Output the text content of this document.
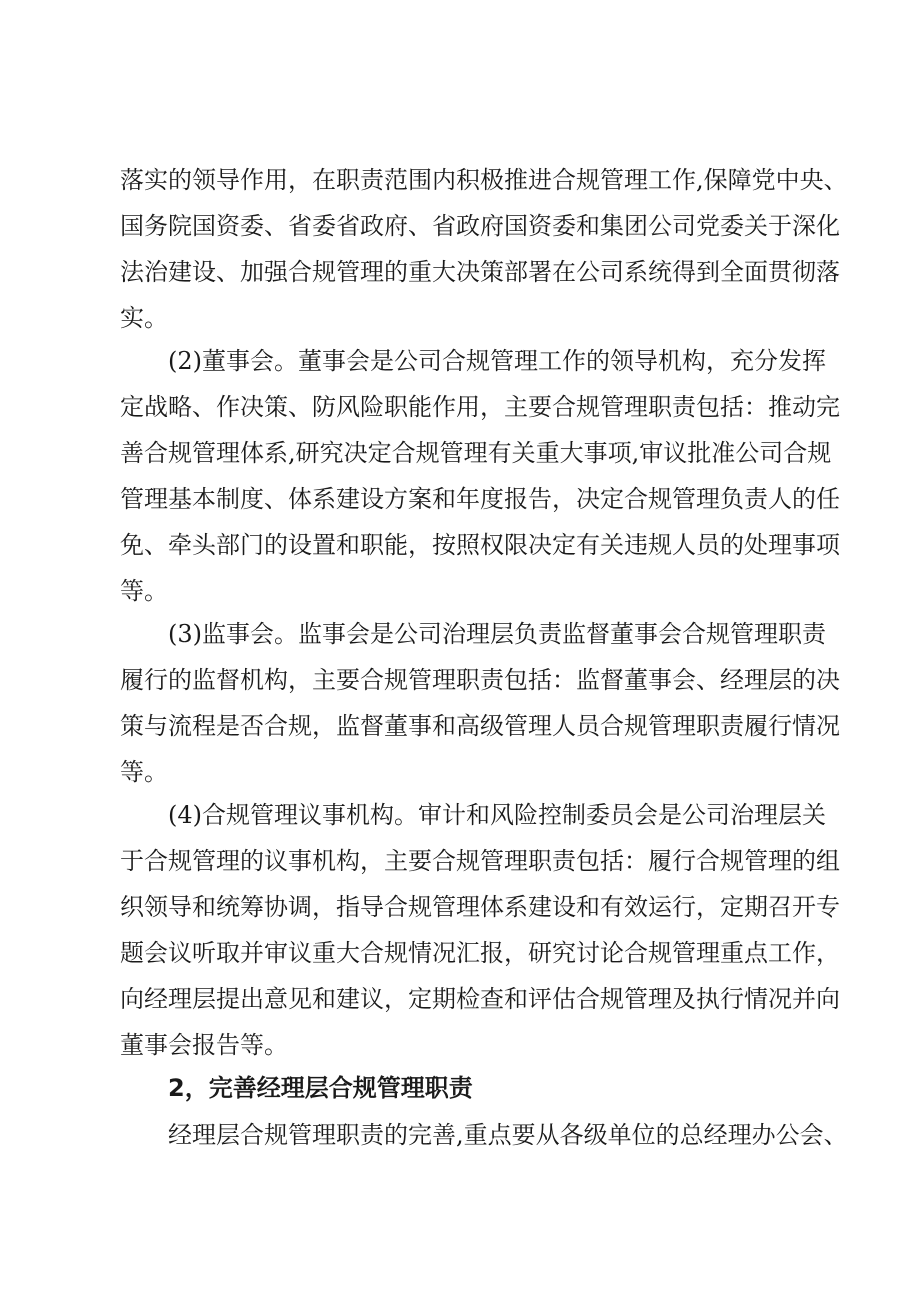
落实的领导作用，在职责范围内积极推进合规管理工作,保障党中央、
国务院国资委、省委省政府、省政府国资委和集团公司党委关于深化
法治建设、加强合规管理的重大决策部署在公司系统得到全面贯彻落
实。
(2)董事会。董事会是公司合规管理工作的领导机构，充分发挥
定战略、作决策、防风险职能作用，主要合规管理职责包括：推动完
善合规管理体系,研究决定合规管理有关重大事项,审议批准公司合规
管理基本制度、体系建设方案和年度报告，决定合规管理负责人的任
免、牵头部门的设置和职能，按照权限决定有关违规人员的处理事项
等。
(3)监事会。监事会是公司治理层负责监督董事会合规管理职责
履行的监督机构，主要合规管理职责包括：监督董事会、经理层的决
策与流程是否合规，监督董事和高级管理人员合规管理职责履行情况
等。
(4)合规管理议事机构。审计和风险控制委员会是公司治理层关
于合规管理的议事机构，主要合规管理职责包括：履行合规管理的组
织领导和统筹协调，指导合规管理体系建设和有效运行，定期召开专
题会议听取并审议重大合规情况汇报，研究讨论合规管理重点工作，
向经理层提出意见和建议，定期检查和评估合规管理及执行情况并向
董事会报告等。
2，完善经理层合规管理职责
经理层合规管理职责的完善,重点要从各级单位的总经理办公会、
